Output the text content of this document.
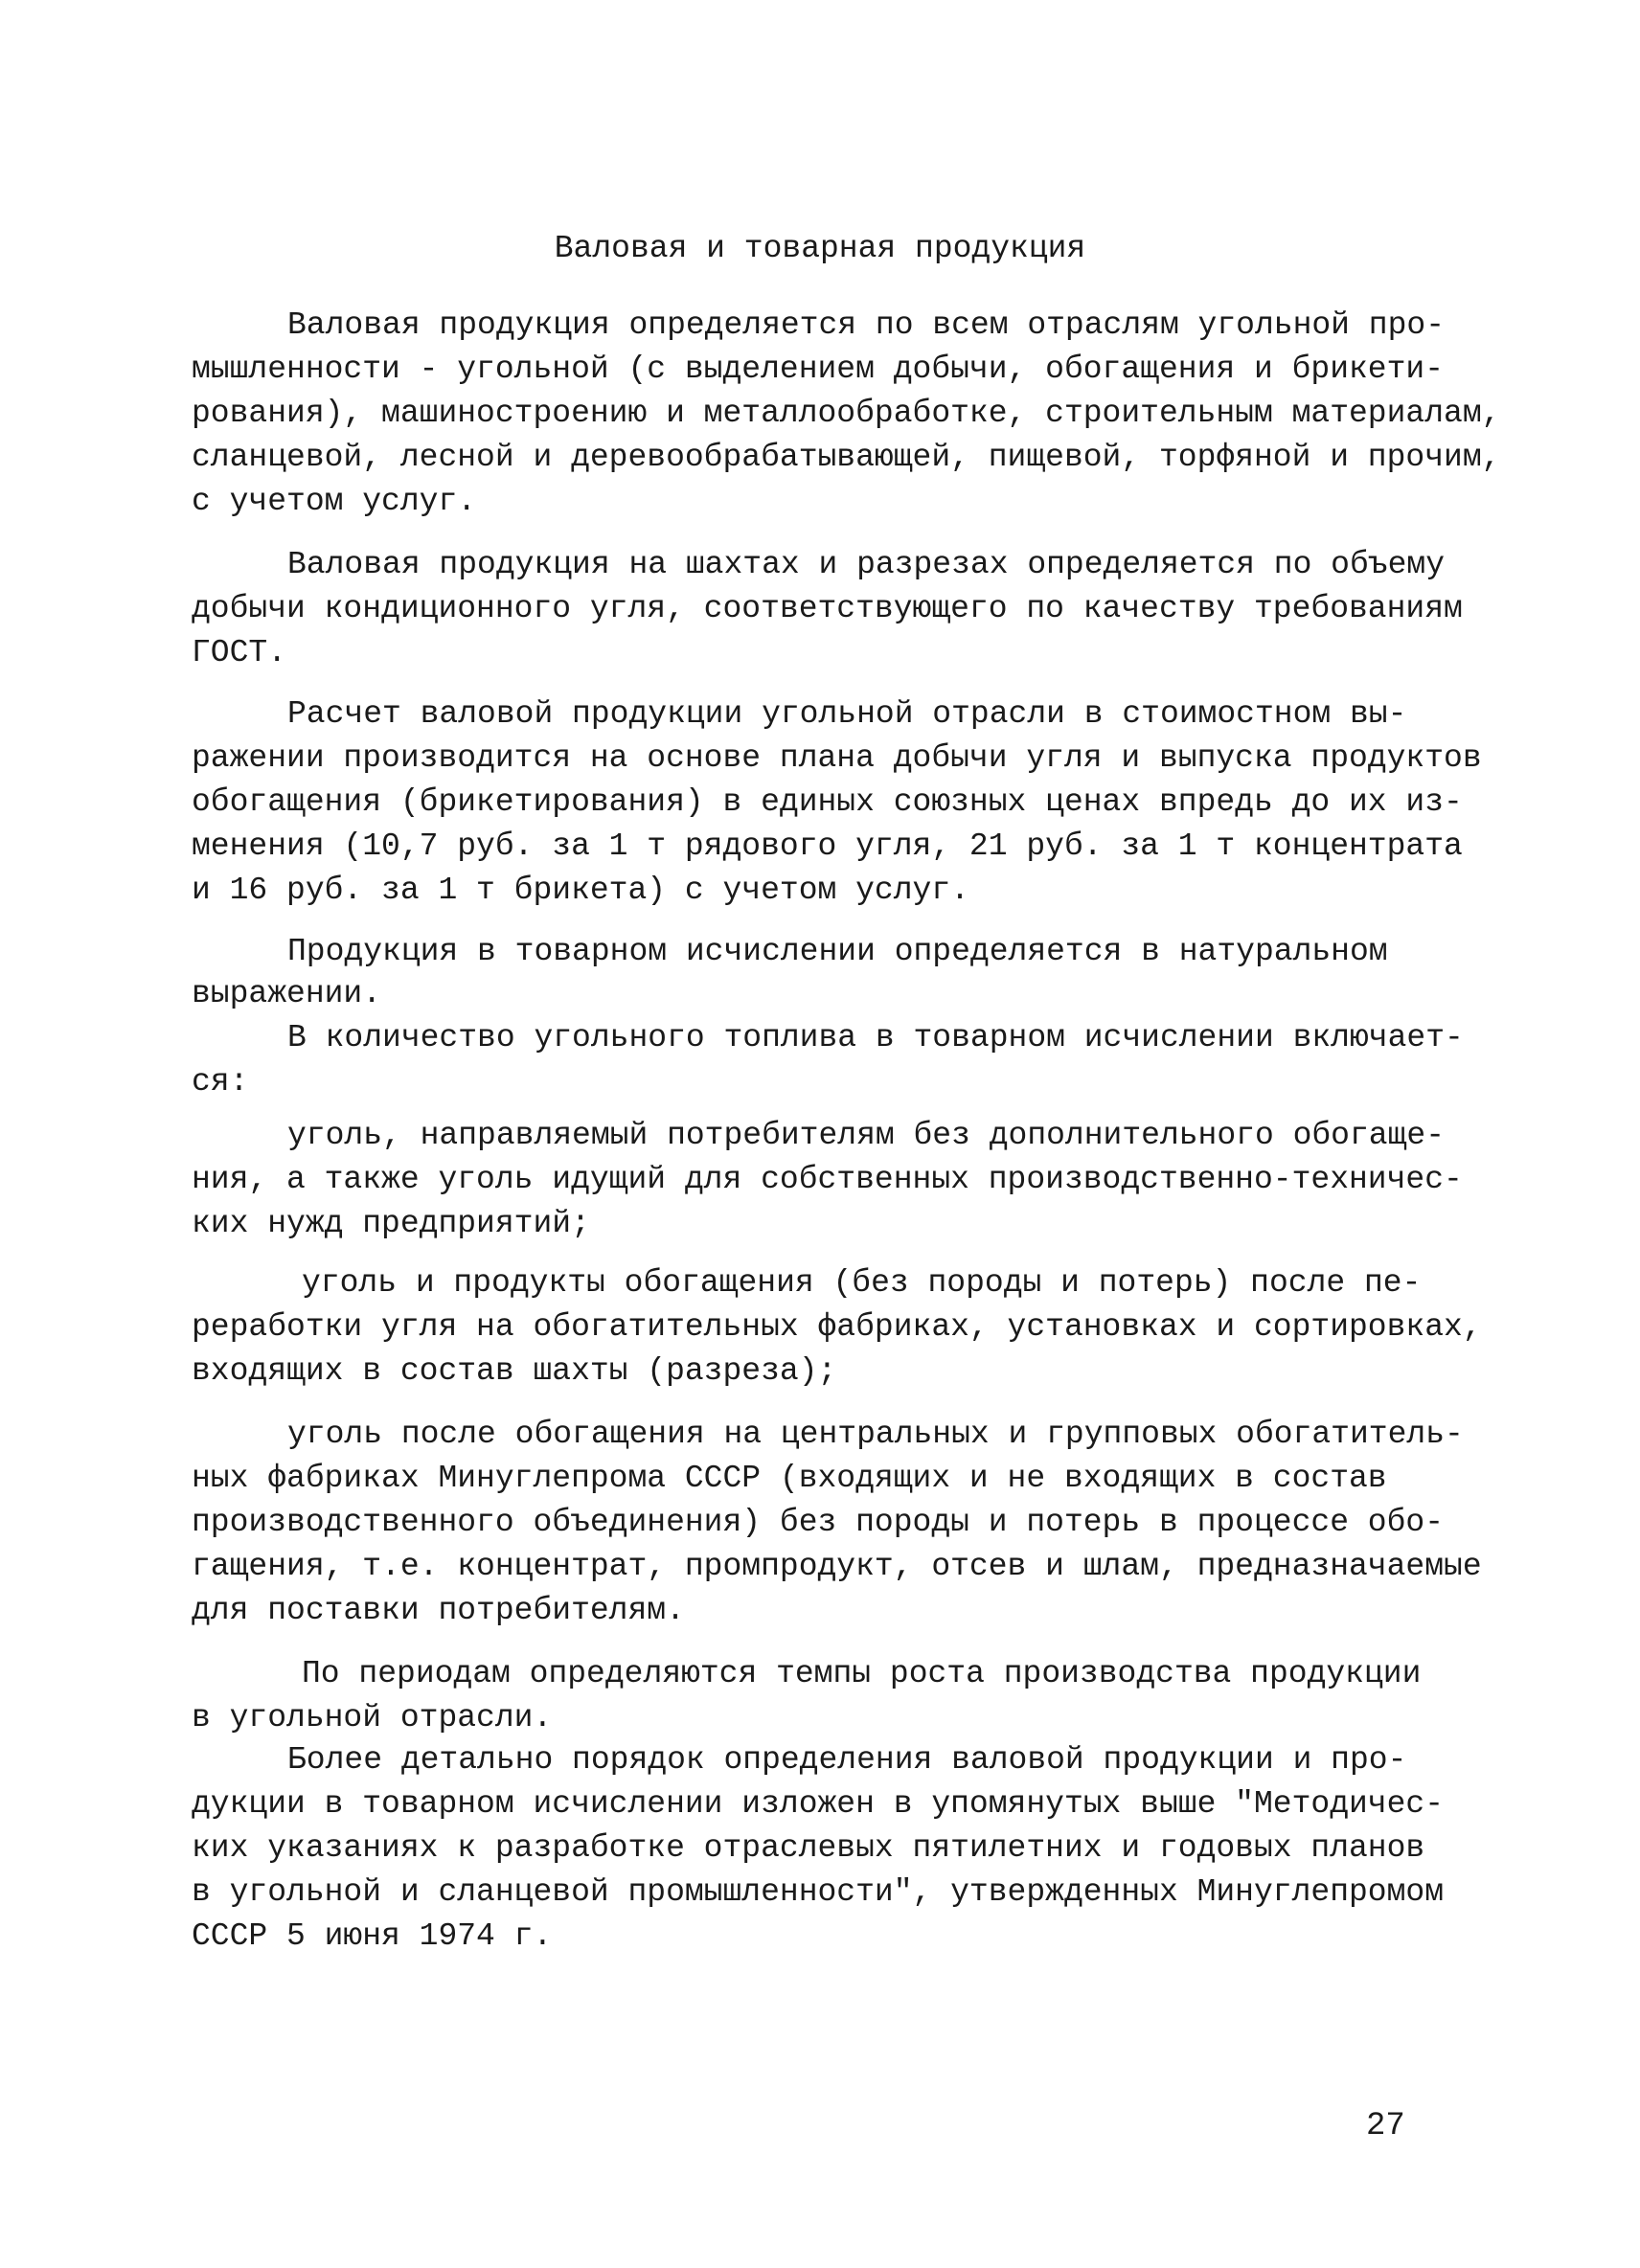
Валовая и товарная продукция
Валовая продукция определяется по всем отраслям угольной про-
мышленности - угольной (с выделением добычи, обогащения и брикети-
рования), машиностроению и металлообработке, строительным материалам,
сланцевой, лесной и деревообрабатывающей, пищевой, торфяной и прочим,
с учетом услуг.
Валовая продукция на шахтах и разрезах определяется по объему
добычи кондиционного угля, соответствующего по качеству требованиям
ГОСТ.
Расчет валовой продукции угольной отрасли в стоимостном вы-
ражении производится на основе плана добычи угля и выпуска продуктов
обогащения (брикетирования) в единых союзных ценах впредь до их из-
менения (10,7 руб. за 1 т рядового угля, 21 руб. за 1 т концентрата
и 16 руб. за 1 т брикета) с учетом услуг.
Продукция в товарном исчислении определяется в натуральном
выражении.
В количество угольного топлива в товарном исчислении включает-
ся:
уголь, направляемый потребителям без дополнительного обогаще-
ния, а также уголь идущий для собственных производственно-техничес-
ких нужд предприятий;
уголь и продукты обогащения (без породы и потерь) после пе-
реработки угля на обогатительных фабриках, установках и сортировках,
входящих в состав шахты (разреза);
уголь после обогащения на центральных и групповых обогатитель-
ных фабриках Минуглепрома СССР (входящих и не входящих в состав
производственного объединения) без породы и потерь в процессе обо-
гащения, т.е. концентрат, промпродукт, отсев и шлам, предназначаемые
для поставки потребителям.
По периодам определяются темпы роста производства продукции
в угольной отрасли.
Более детально порядок определения валовой продукции и про-
дукции в товарном исчислении изложен в упомянутых выше "Методичес-
ких указаниях к разработке отраслевых пятилетних и годовых планов
в угольной и сланцевой промышленности", утвержденных Минуглепромом
СССР 5 июня 1974 г.
27
